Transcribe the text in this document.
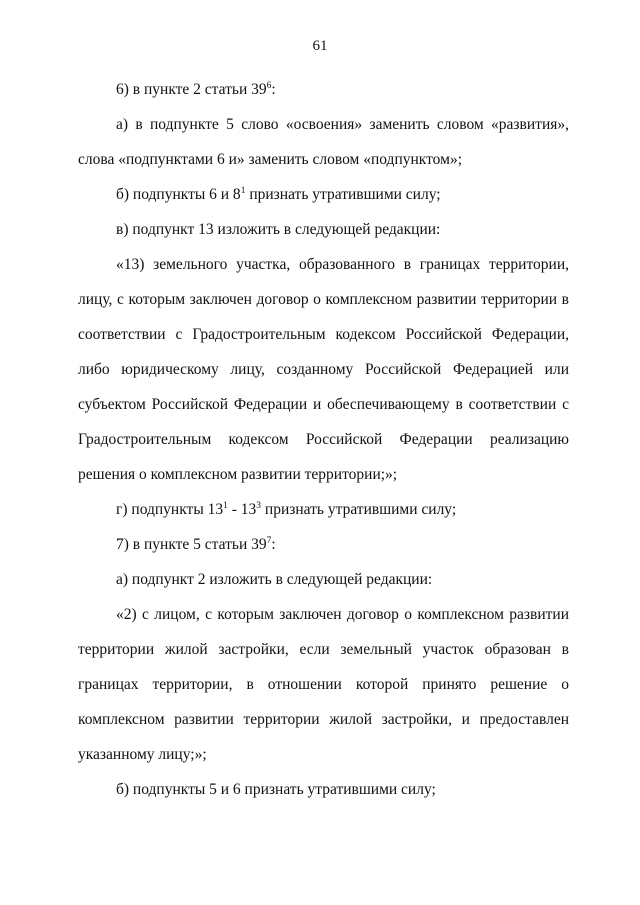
61

6) в пункте 2 статьи $39^6$:

а) в подпункте 5 слово «освоения» заменить словом «развития», слова «подпунктами 6 и» заменить словом «подпунктом»;

б) подпункты 6 и $8^1$ признать утратившими силу;

в) подпункт 13 изложить в следующей редакции:

«13) земельного участка, образованного в границах территории, лицу, с которым заключен договор о комплексном развитии территории в соответствии с Градостроительным кодексом Российской Федерации, либо юридическому лицу, созданному Российской Федерацией или субъектом Российской Федерации и обеспечивающему в соответствии с Градостроительным кодексом Российской Федерации реализацию решения о комплексном развитии территории;»;

г) подпункты $13^1 - 13^3$ признать утратившими силу;

7) в пункте 5 статьи $39^7$:

а) подпункт 2 изложить в следующей редакции:

«2) с лицом, с которым заключен договор о комплексном развитии территории жилой застройки, если земельный участок образован в границах территории, в отношении которой принято решение о комплексном развитии территории жилой застройки, и предоставлен указанному лицу;»;

б) подпункты 5 и 6 признать утратившими силу;
